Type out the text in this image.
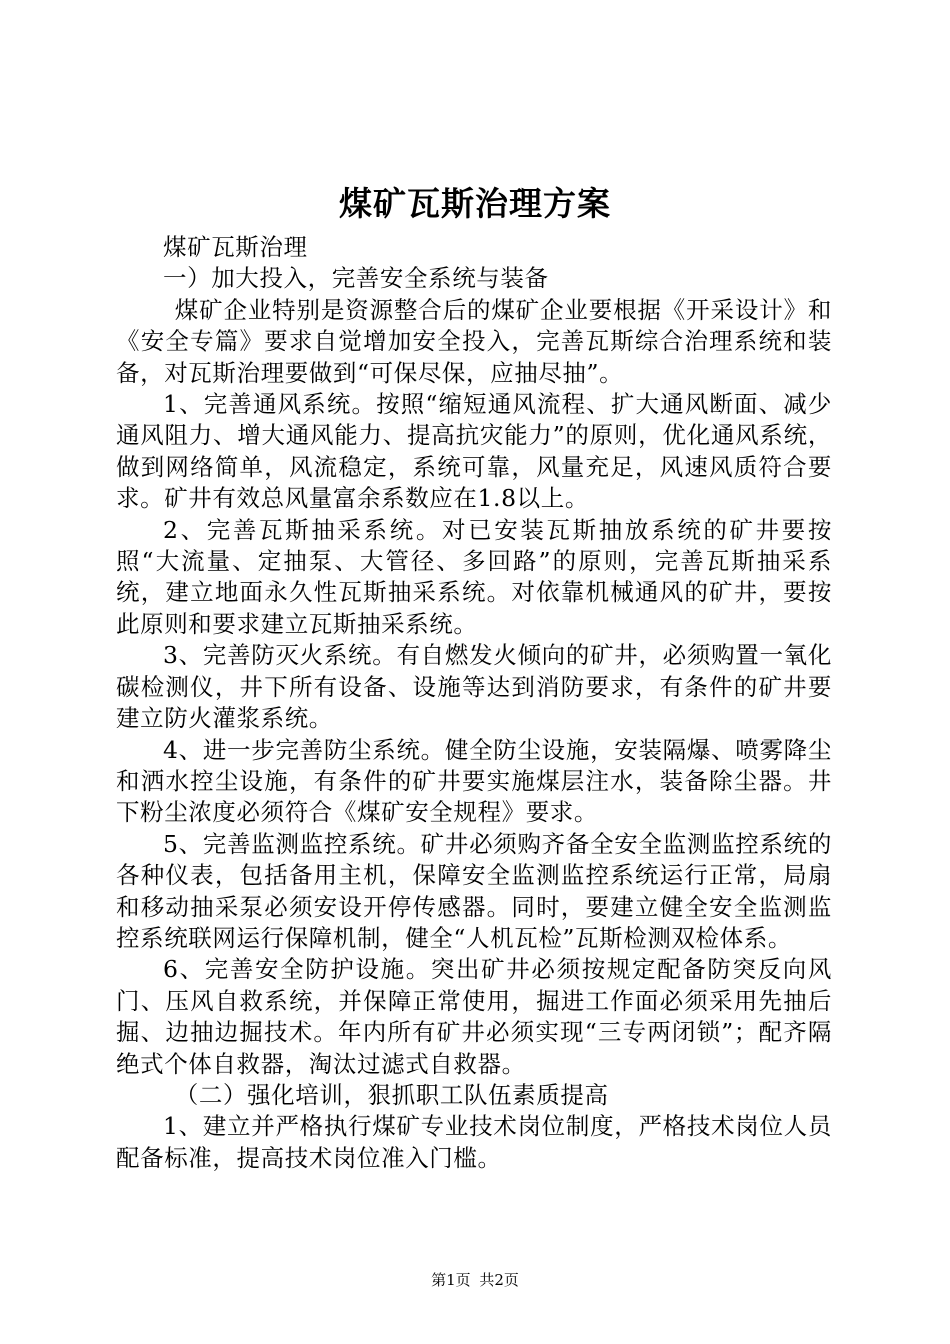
煤矿瓦斯治理方案

煤矿瓦斯治理

一）加大投入，完善安全系统与装备

煤矿企业特别是资源整合后的煤矿企业要根据《开采设计》和《安全专篇》要求自觉增加安全投入，完善瓦斯综合治理系统和装备，对瓦斯治理要做到“可保尽保，应抽尽抽”。

1、完善通风系统。按照“缩短通风流程、扩大通风断面、减少通风阻力、增大通风能力、提高抗灾能力”的原则，优化通风系统，做到网络简单，风流稳定，系统可靠，风量充足，风速风质符合要求。矿井有效总风量富余系数应在1.8以上。

2、完善瓦斯抽采系统。对已安装瓦斯抽放系统的矿井要按照“大流量、定抽泵、大管径、多回路”的原则，完善瓦斯抽采系统，建立地面永久性瓦斯抽采系统。对依靠机械通风的矿井，要按此原则和要求建立瓦斯抽采系统。

3、完善防灭火系统。有自燃发火倾向的矿井，必须购置一氧化碳检测仪，井下所有设备、设施等达到消防要求，有条件的矿井要建立防火灌浆系统。

4、进一步完善防尘系统。健全防尘设施，安装隔爆、喷雾降尘和洒水控尘设施，有条件的矿井要实施煤层注水，装备除尘器。井下粉尘浓度必须符合《煤矿安全规程》要求。

5、完善监测监控系统。矿井必须购齐备全安全监测监控系统的各种仪表，包括备用主机，保障安全监测监控系统运行正常，局扇和移动抽采泵必须安设开停传感器。同时，要建立健全安全监测监控系统联网运行保障机制，健全“人机瓦检”瓦斯检测双检体系。

6、完善安全防护设施。突出矿井必须按规定配备防突反向风门、压风自救系统，并保障正常使用，掘进工作面必须采用先抽后掘、边抽边掘技术。年内所有矿井必须实现“三专两闭锁”；配齐隔绝式个体自救器，淘汰过滤式自救器。

（二）强化培训，狠抓职工队伍素质提高

1、建立并严格执行煤矿专业技术岗位制度，严格技术岗位人员配备标准，提高技术岗位准入门槛。

第1页 共2页
